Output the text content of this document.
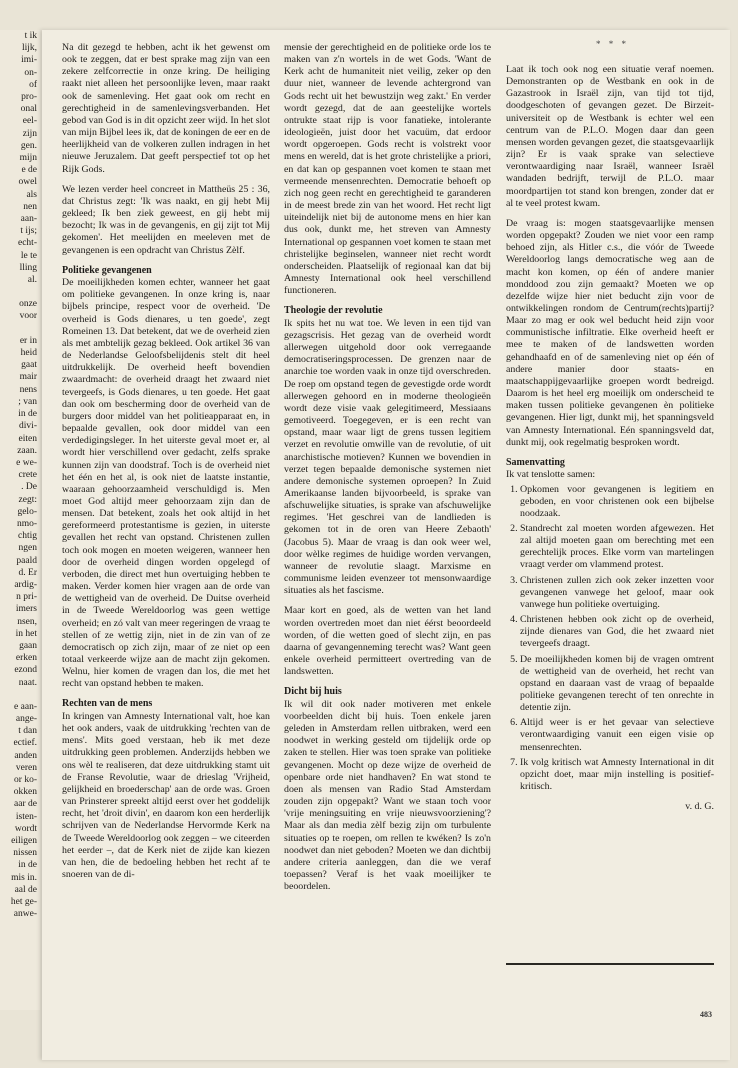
t ik
lijk,
imi-
on-
of
pro-
onal
eel-
zijn
gen.
mijn
e de
owel
als
nen
aan-
t ijs;
echt-
le te
lling
al.
onze
voor

er in
heid
gaat
mair
nens
; van
in de
divi-
eiten
zaan.
e we-
crete
. De
zegt:
gelo-
nmo-
chtig
ngen
paald
d. Er
ardig-
n pri-
imers
nsen,
in het
gaan
erken
ezond
naat.
e aan-
ange-
t dan
ectief.
anden
veren
or ko-
okken
aar de
isten-
wordt
eiligen
nissen
in de
mis in.
aal de
het ge-
anwe-
* * *

Na dit gezegd te hebben, acht ik het gewenst om ook te zeggen, dat er best sprake mag zijn van een zekere zelfcorrectie in onze kring. De heiliging raakt niet alleen het persoonlijke leven, maar raakt ook de samenleving. Het gaat ook om recht en gerechtigheid in de samenlevingsverbanden. Het gebod van God is in dit opzicht zeer wijd. In het slot van mijn Bijbel lees ik, dat de koningen de eer en de heerlijkheid van de volkeren zullen indragen in het nieuwe Jeruzalem. Dat geeft perspectief tot op het Rijk Gods.

We lezen verder heel concreet in Mattheüs 25 : 36, dat Christus zegt: 'Ik was naakt, en gij hebt Mij gekleed; Ik ben ziek geweest, en gij hebt mij bezocht; Ik was in de gevangenis, en gij zijt tot Mij gekomen'. Het meelijden en meeleven met de gevangenen is een opdracht van Christus Zèlf.

Politieke gevangenen

De moeilijkheden komen echter, wanneer het gaat om politieke gevangenen. In onze kring is, naar bijbels principe, respect voor de overheid. 'De overheid is Gods dienares, u ten goede', zegt Romeinen 13. Dat betekent, dat we de overheid zien als met ambtelijk gezag bekleed. Ook artikel 36 van de Nederlandse Geloofsbelijdenis stelt dit heel uitdrukkelijk. De overheid heeft bovendien zwaardmacht: de overheid draagt het zwaard niet tevergeefs, is Gods dienares, u ten goede. Het gaat dan ook om bescherming door de overheid van de burgers door middel van het politieapparaat en, in bepaalde gevallen, ook door middel van een verdedigingsleger. In het uiterste geval moet er, al wordt hier verschillend over gedacht, zelfs sprake kunnen zijn van doodstraf. Toch is de overheid niet het één en het al, is ook niet de laatste instantie, waaraan gehoorzaamheid verschuldigd is. Men moet God altijd meer gehoorzaam zijn dan de mensen. Dat betekent, zoals het ook altijd in het gereformeerd protestantisme is gezien, in uiterste gevallen het recht van opstand. Christenen zullen toch ook mogen en moeten weigeren, wanneer hen door de overheid dingen worden opgelegd of verboden, die direct met hun overtuiging hebben te maken. Verder komen hier vragen aan de orde van de wettigheid van de overheid. De Duitse overheid in de Tweede Wereldoorlog was geen wettige overheid; en zó valt van meer regeringen de vraag te stellen of ze wettig zijn, niet in de zin van of ze democratisch op zich zijn, maar of ze niet op een totaal verkeerde wijze aan de macht zijn gekomen. Welnu, hier komen de vragen dan los, die met het recht van opstand hebben te maken.

Rechten van de mens

In kringen van Amnesty International valt, hoe kan het ook anders, vaak de uitdrukking 'rechten van de mens'. Mits goed verstaan, heb ik met deze uitdrukking geen problemen. Anderzijds hebben we ons wèl te realiseren, dat deze uitdrukking stamt uit de Franse Revolutie, waar de drieslag 'Vrijheid, gelijkheid en broederschap' aan de orde was. Groen van Prinsterer spreekt altijd eerst over het goddelijk recht, het 'droit divin', en daarom kon een herderlijk schrijven van de Nederlandse Hervormde Kerk na de Tweede Wereldoorlog ook zeggen – we citeerden het eerder –, dat de Kerk niet de zijde kan kiezen van hen, die de bedoeling hebben het recht af te snoeren van de di-

mensie der gerechtigheid en de politieke orde los te maken van z'n wortels in de wet Gods. 'Want de Kerk acht de humaniteit niet veilig, zeker op den duur niet, wanneer de levende achtergrond van Gods recht uit het bewustzijn weg zakt.' En verder wordt gezegd, dat de aan geestelijke wortels ontrukte staat rijp is voor fanatieke, intolerante ideologieën, juist door het vacuüm, dat erdoor wordt opgeroepen. Gods recht is volstrekt voor mens en wereld, dat is het grote christelijke a priori, en dat kan op gespannen voet komen te staan met vermeende mensenrechten. Democratie behoeft op zich nog geen recht en gerechtigheid te garanderen in de meest brede zin van het woord. Het recht ligt uiteindelijk niet bij de autonome mens en hier kan dus ook, dunkt me, het streven van Amnesty International op gespannen voet komen te staan met christelijke beginselen, wanneer niet recht wordt onderscheiden. Plaatselijk of regionaal kan dat bij Amnesty International ook heel verschillend functioneren.

Theologie der revolutie

Ik spits het nu wat toe. We leven in een tijd van gezagscrisis. Het gezag van de overheid wordt allerwegen uitgehold door ook verregaande democratiseringsprocessen. De grenzen naar de anarchie toe worden vaak in onze tijd overschreden. De roep om opstand tegen de gevestigde orde wordt allerwegen gehoord en in moderne theologieën wordt deze visie vaak gelegitimeerd, Messiaans gemotiveerd. Toegegeven, er is een recht van opstand, maar waar ligt de grens tussen legitiem verzet en revolutie omwille van de revolutie, of uit anarchistische motieven? Kunnen we bovendien in verzet tegen bepaalde demonische systemen niet andere demonische systemen oproepen? In Zuid Amerikaanse landen bijvoorbeeld, is sprake van afschuwelijke situaties, is sprake van afschuwelijke regimes. 'Het geschrei van de landlieden is gekomen tot in de oren van Heere Zebaoth' (Jacobus 5). Maar de vraag is dan ook weer wel, door wèlke regimes de huidige worden vervangen, wanneer de revolutie slaagt. Marxisme en communisme leiden evenzeer tot mensonwaardige situaties als het fascisme.

Maar kort en goed, als de wetten van het land worden overtreden moet dan niet éérst beoordeeld worden, of die wetten goed of slecht zijn, en pas daarna of gevangenneming terecht was? Want geen enkele overheid permitteert overtreding van de landswetten.

Dicht bij huis

Ik wil dit ook nader motiveren met enkele voorbeelden dicht bij huis. Toen enkele jaren geleden in Amsterdam rellen uitbraken, werd een noodwet in werking gesteld om tijdelijk orde op zaken te stellen. Hier was toen sprake van politieke gevangenen. Mocht op deze wijze de overheid de openbare orde niet handhaven? En wat stond te doen als mensen van Radio Stad Amsterdam zouden zijn opgepakt? Want we staan toch voor 'vrije meningsuiting en vrije nieuwsvoorziening'? Maar als dan media zèlf bezig zijn om turbulente situaties op te roepen, om rellen te kwéken? Is zo'n noodwet dan niet geboden? Moeten we dan dichtbij andere criteria aanleggen, dan die we veraf toepassen? Veraf is het vaak moeilijker te beoordelen.

Laat ik toch ook nog een situatie veraf noemen. Demonstranten op de Westbank en ook in de Gazastrook in Israël zijn, van tijd tot tijd, doodgeschoten of gevangen gezet. De Birzeit-universiteit op de Westbank is echter wel een centrum van de P.L.O. Mogen daar dan geen mensen worden gevangen gezet, die staatsgevaarlijk zijn? Er is vaak sprake van selectieve verontwaardiging naar Israël, wanneer Israël wandaden bedrijft, terwijl de P.L.O. maar moordpartijen tot stand kon brengen, zonder dat er al te veel protest kwam.

De vraag is: mogen staatsgevaarlijke mensen worden opgepakt? Zouden we niet voor een ramp behoed zijn, als Hitler c.s., die vóór de Tweede Wereldoorlog langs democratische weg aan de macht kon komen, op één of andere manier monddood zou zijn gemaakt? Moeten we op dezelfde wijze hier niet beducht zijn voor de ontwikkelingen rondom de Centrum(rechts)partij? Maar zo mag er ook wel beducht heid zijn voor communistische infiltratie. Elke overheid heeft er mee te maken of de landswetten worden gehandhaafd en of de samenleving niet op één of andere manier door staats- en maatschappijgevaarlijke groepen wordt bedreigd. Daarom is het heel erg moeilijk om onderscheid te maken tussen politieke gevangenen èn politieke gevangenen. Hier ligt, dunkt mij, het spanningsveld van Amnesty International. Eén spanningsveld dat, dunkt mij, ook regelmatig besproken wordt.

Samenvatting

Ik vat tenslotte samen:

1. Opkomen voor gevangenen is legitiem en geboden, en voor christenen ook een bijbelse noodzaak.
2. Standrecht zal moeten worden afgewezen. Het zal altijd moeten gaan om berechting met een gerechtelijk proces. Elke vorm van martelingen vraagt verder om vlammend protest.
3. Christenen zullen zich ook zeker inzetten voor gevangenen vanwege het geloof, maar ook vanwege hun politieke overtuiging.
4. Christenen hebben ook zicht op de overheid, zijnde dienares van God, die het zwaard niet tevergeefs draagt.
5. De moeilijkheden komen bij de vragen omtrent de wettigheid van de overheid, het recht van opstand en daaraan vast de vraag of bepaalde politieke gevangenen terecht of ten onrechte in detentie zijn.
6. Altijd weer is er het gevaar van selectieve verontwaardiging vanuit een eigen visie op mensenrechten.
7. Ik volg kritisch wat Amnesty International in dit opzicht doet, maar mijn instelling is positief-kritisch.
v. d. G.
483
